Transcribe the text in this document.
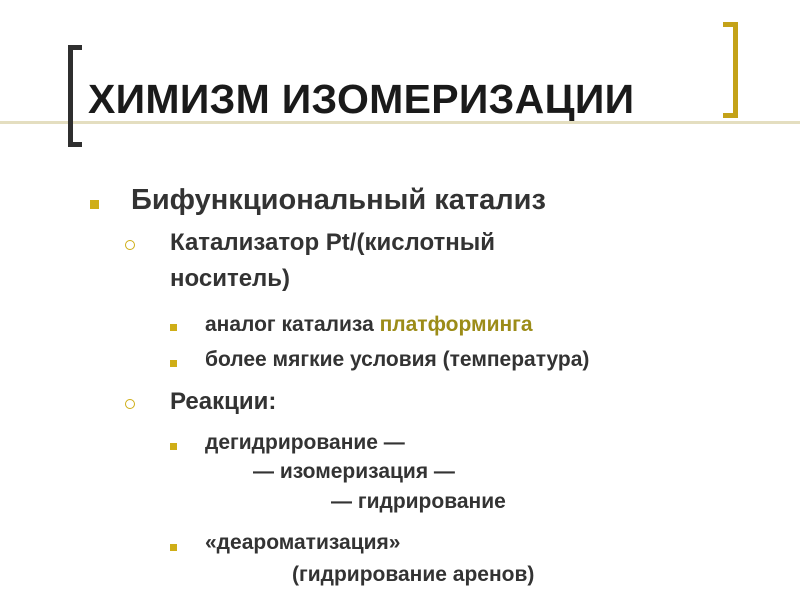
ХИМИЗМ ИЗОМЕРИЗАЦИИ
Бифункциональный катализ
Катализатор Pt/(кислотный
носитель)
аналог катализа платформинга
более мягкие условия (температура)
Реакции:
дегидрирование —
— изомеризация —
— гидрирование
«деароматизация»
(гидрирование аренов)
